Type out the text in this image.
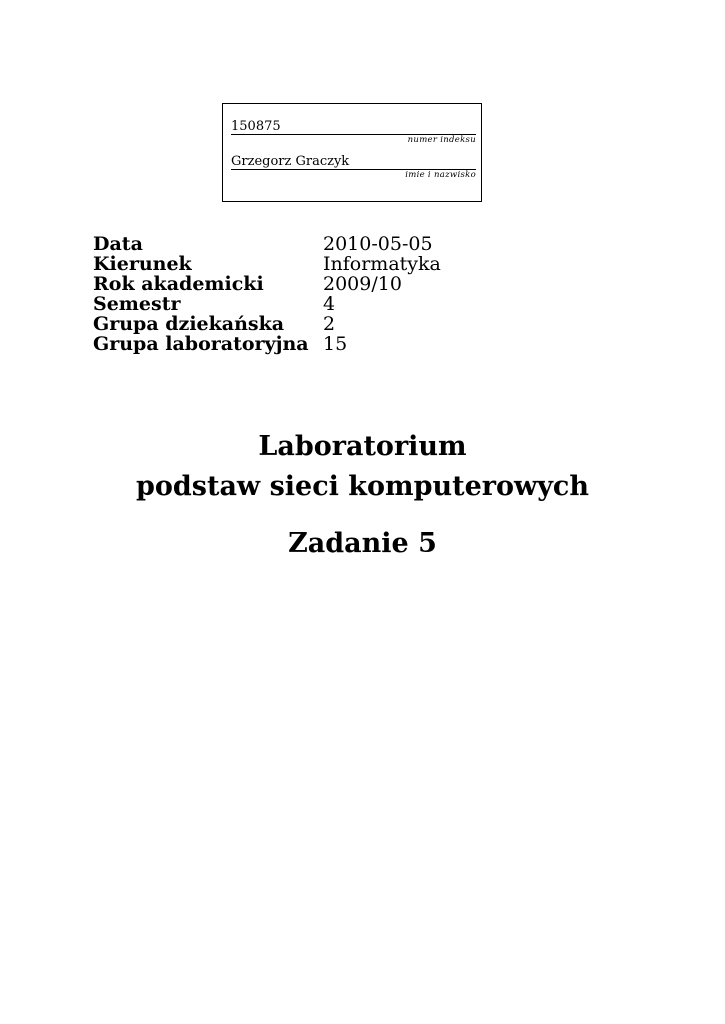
150875
numer indeksu
Grzegorz Graczyk
imie i nazwisko
Data	2010-05-05
Kierunek	Informatyka
Rok akademicki	2009/10
Semestr	4
Grupa dziekańska	2
Grupa laboratoryjna 15
Laboratorium
podstaw sieci komputerowych
Zadanie 5
